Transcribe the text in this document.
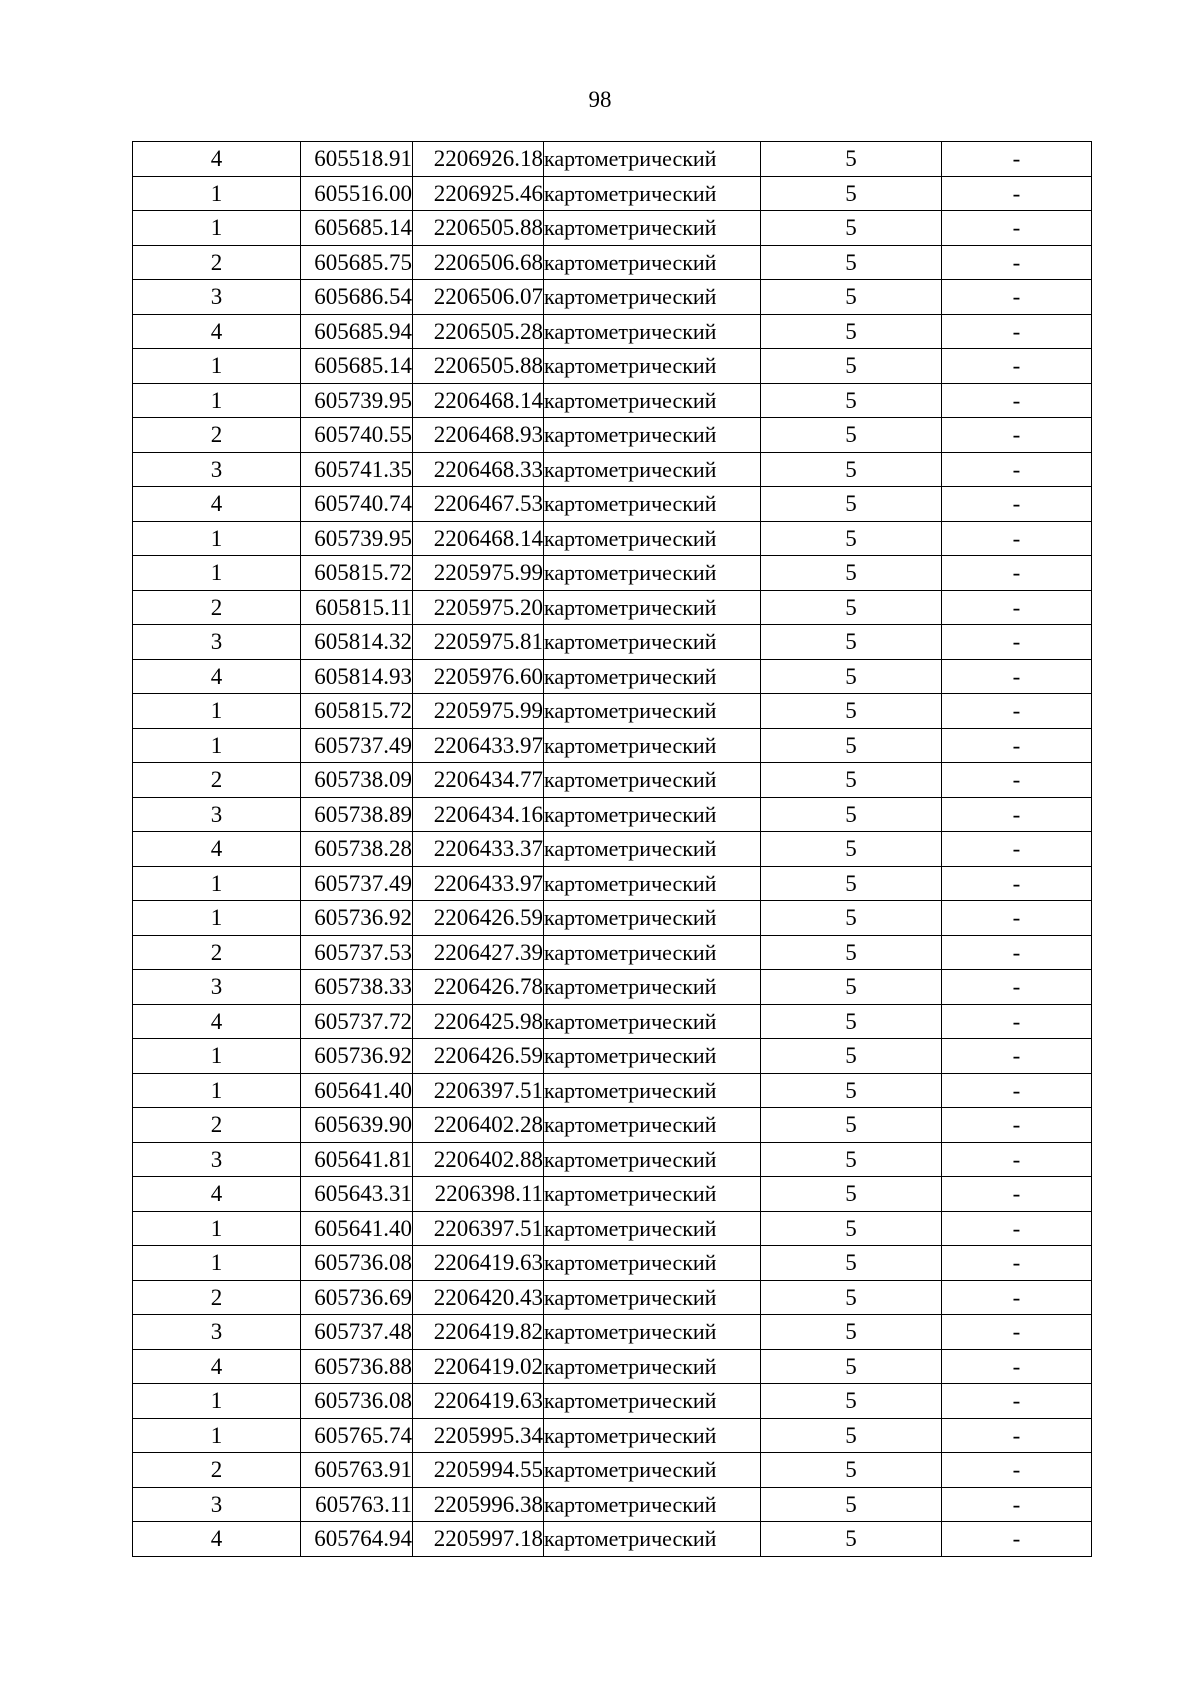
98
4	605518.91	2206926.18	картометрический	5	-
1	605516.00	2206925.46	картометрический	5	-
1	605685.14	2206505.88	картометрический	5	-
2	605685.75	2206506.68	картометрический	5	-
3	605686.54	2206506.07	картометрический	5	-
4	605685.94	2206505.28	картометрический	5	-
1	605685.14	2206505.88	картометрический	5	-
1	605739.95	2206468.14	картометрический	5	-
2	605740.55	2206468.93	картометрический	5	-
3	605741.35	2206468.33	картометрический	5	-
4	605740.74	2206467.53	картометрический	5	-
1	605739.95	2206468.14	картометрический	5	-
1	605815.72	2205975.99	картометрический	5	-
2	605815.11	2205975.20	картометрический	5	-
3	605814.32	2205975.81	картометрический	5	-
4	605814.93	2205976.60	картометрический	5	-
1	605815.72	2205975.99	картометрический	5	-
1	605737.49	2206433.97	картометрический	5	-
2	605738.09	2206434.77	картометрический	5	-
3	605738.89	2206434.16	картометрический	5	-
4	605738.28	2206433.37	картометрический	5	-
1	605737.49	2206433.97	картометрический	5	-
1	605736.92	2206426.59	картометрический	5	-
2	605737.53	2206427.39	картометрический	5	-
3	605738.33	2206426.78	картометрический	5	-
4	605737.72	2206425.98	картометрический	5	-
1	605736.92	2206426.59	картометрический	5	-
1	605641.40	2206397.51	картометрический	5	-
2	605639.90	2206402.28	картометрический	5	-
3	605641.81	2206402.88	картометрический	5	-
4	605643.31	2206398.11	картометрический	5	-
1	605641.40	2206397.51	картометрический	5	-
1	605736.08	2206419.63	картометрический	5	-
2	605736.69	2206420.43	картометрический	5	-
3	605737.48	2206419.82	картометрический	5	-
4	605736.88	2206419.02	картометрический	5	-
1	605736.08	2206419.63	картометрический	5	-
1	605765.74	2205995.34	картометрический	5	-
2	605763.91	2205994.55	картометрический	5	-
3	605763.11	2205996.38	картометрический	5	-
4	605764.94	2205997.18	картометрический	5	-
